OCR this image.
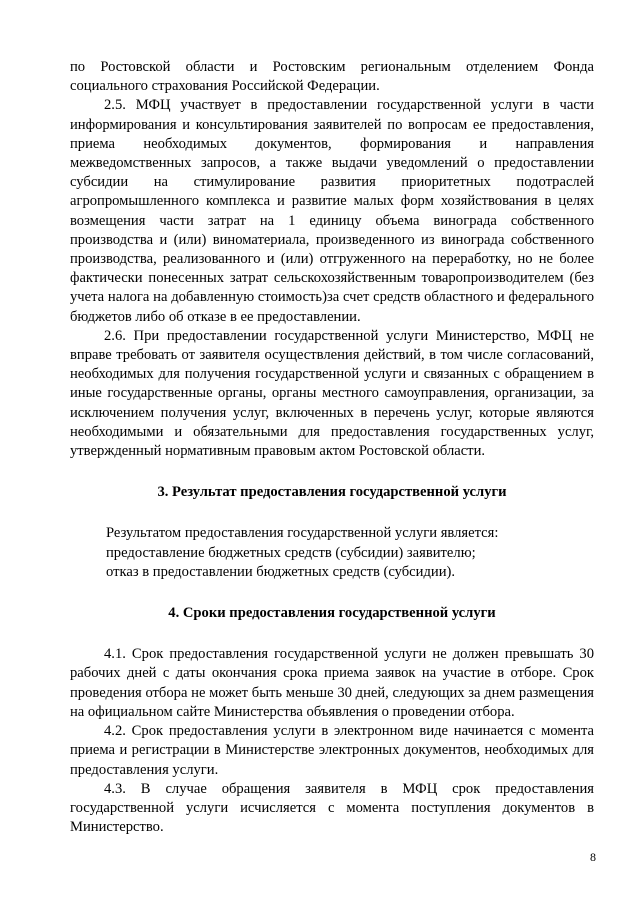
по Ростовской области и Ростовским региональным отделением Фонда социального страхования Российской Федерации.

2.5. МФЦ участвует в предоставлении государственной услуги в части информирования и консультирования заявителей по вопросам ее предоставления, приема необходимых документов, формирования и направления межведомственных запросов, а также выдачи уведомлений о предоставлении субсидии на стимулирование развития приоритетных подотраслей агропромышленного комплекса и развитие малых форм хозяйствования в целях возмещения части затрат на 1 единицу объема винограда собственного производства и (или) виноматериала, произведенного из винограда собственного производства, реализованного и (или) отгруженного на переработку, но не более фактически понесенных затрат сельскохозяйственным товаропроизводителем (без учета налога на добавленную стоимость)за счет средств областного и федерального бюджетов либо об отказе в ее предоставлении.

2.6. При предоставлении государственной услуги Министерство, МФЦ не вправе требовать от заявителя осуществления действий, в том числе согласований, необходимых для получения государственной услуги и связанных с обращением в иные государственные органы, органы местного самоуправления, организации, за исключением получения услуг, включенных в перечень услуг, которые являются необходимыми и обязательными для предоставления государственных услуг, утвержденный нормативным правовым актом Ростовской области.

3. Результат предоставления государственной услуги

Результатом предоставления государственной услуги является:

предоставление бюджетных средств (субсидии) заявителю;

отказ в предоставлении бюджетных средств (субсидии).

4. Сроки предоставления государственной услуги

4.1. Срок предоставления государственной услуги не должен превышать 30 рабочих дней с даты окончания срока приема заявок на участие в отборе. Срок проведения отбора не может быть меньше 30 дней, следующих за днем размещения на официальном сайте Министерства объявления о проведении отбора.

4.2. Срок предоставления услуги в электронном виде начинается с момента приема и регистрации в Министерстве электронных документов, необходимых для предоставления услуги.

4.3. В случае обращения заявителя в МФЦ срок предоставления государственной услуги исчисляется с момента поступления документов в Министерство.

8
